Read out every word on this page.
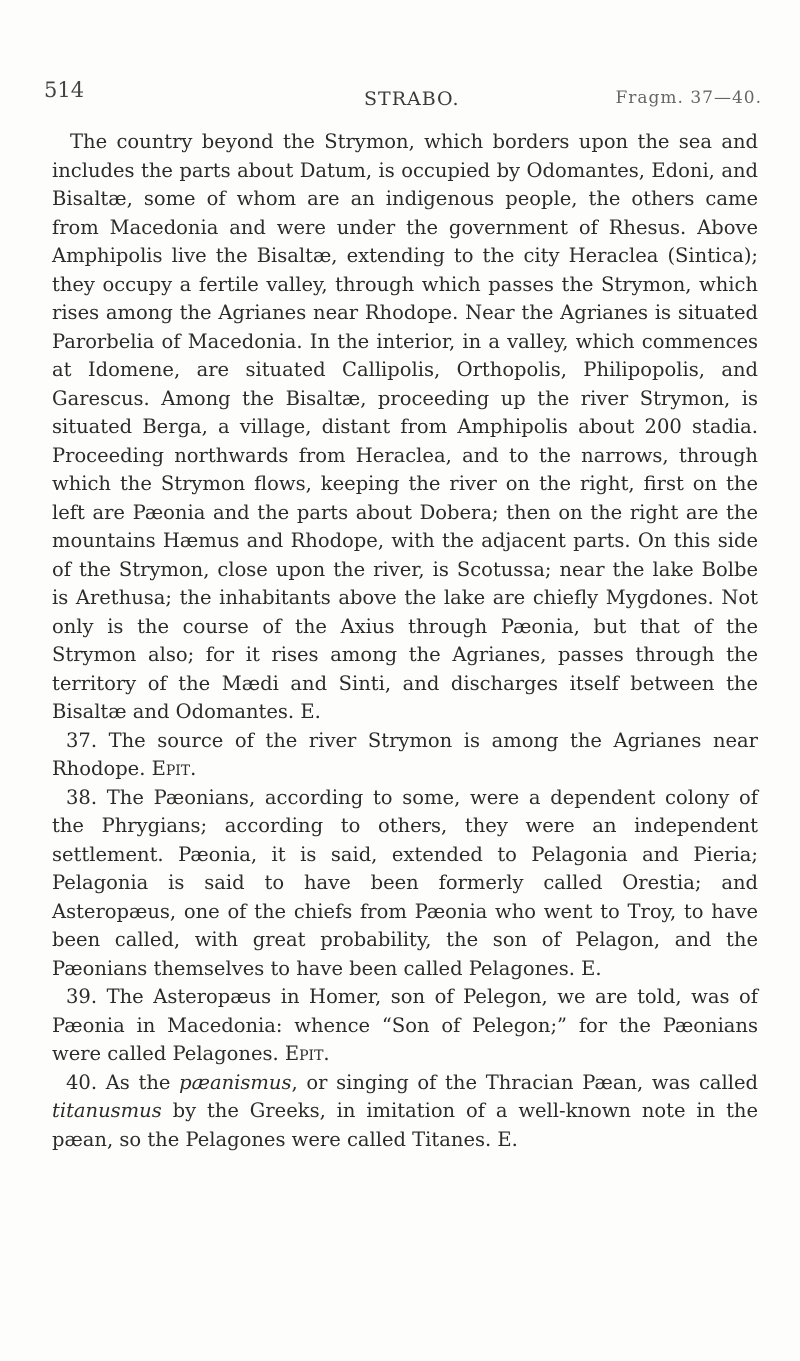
514	STRABO.	Fragm. 37—40.

The country beyond the Strymon, which borders upon the sea and includes the parts about Datum, is occupied by Odomantes, Edoni, and Bisaltæ, some of whom are an indigenous people, the others came from Macedonia and were under the government of Rhesus. Above Amphipolis live the Bisaltæ, extending to the city Heraclea (Sintica); they occupy a fertile valley, through which passes the Strymon, which rises among the Agrianes near Rhodope. Near the Agrianes is situated Parorbelia of Macedonia. In the interior, in a valley, which commences at Idomene, are situated Callipolis, Orthopolis, Philipopolis, and Garescus. Among the Bisaltæ, proceeding up the river Strymon, is situated Berga, a village, distant from Amphipolis about 200 stadia. Proceeding northwards from Heraclea, and to the narrows, through which the Strymon flows, keeping the river on the right, first on the left are Pæonia and the parts about Dobera; then on the right are the mountains Hæmus and Rhodope, with the adjacent parts. On this side of the Strymon, close upon the river, is Scotussa; near the lake Bolbe is Arethusa; the inhabitants above the lake are chiefly Mygdones. Not only is the course of the Axius through Pæonia, but that of the Strymon also; for it rises among the Agrianes, passes through the territory of the Mædi and Sinti, and discharges itself between the Bisaltæ and Odomantes. E.

37. The source of the river Strymon is among the Agrianes near Rhodope. Epit.

38. The Pæonians, according to some, were a dependent colony of the Phrygians; according to others, they were an independent settlement. Pæonia, it is said, extended to Pelagonia and Pieria; Pelagonia is said to have been formerly called Orestia; and Asteropæus, one of the chiefs from Pæonia who went to Troy, to have been called, with great probability, the son of Pelagon, and the Pæonians themselves to have been called Pelagones. E.

39. The Asteropæus in Homer, son of Pelegon, we are told, was of Pæonia in Macedonia: whence “Son of Pelegon;” for the Pæonians were called Pelagones. Epit.

40. As the pæanismus, or singing of the Thracian Pæan, was called titanusmus by the Greeks, in imitation of a well-known note in the pæan, so the Pelagones were called Titanes. E.
